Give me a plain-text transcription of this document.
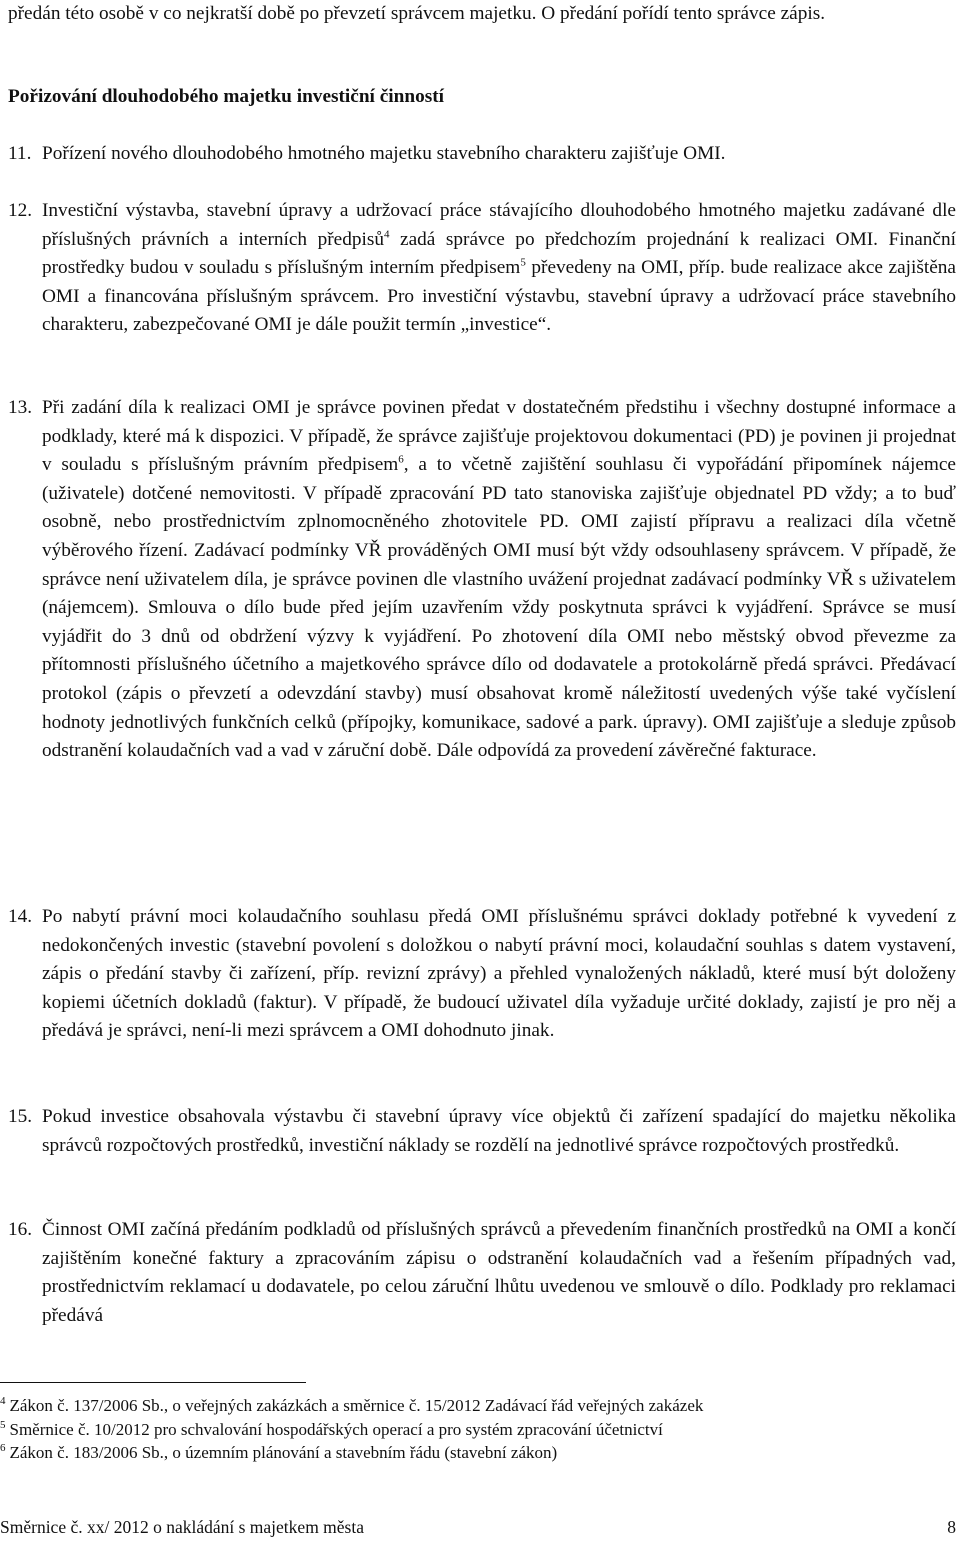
předán této osobě v co nejkratší době po převzetí správcem majetku. O předání pořídí tento správce zápis.
Pořizování dlouhodobého majetku investiční činností
11. Pořízení nového dlouhodobého hmotného majetku stavebního charakteru zajišťuje OMI.
12. Investiční výstavba, stavební úpravy a udržovací práce stávajícího dlouhodobého hmotného majetku zadávané dle příslušných právních a interních předpisů$^4$ zadá správce po předchozím projednání k realizaci OMI. Finanční prostředky budou v souladu s příslušným interním předpisem$^5$ převedeny na OMI, příp. bude realizace akce zajištěna OMI a financována příslušným správcem. Pro investiční výstavbu, stavební úpravy a udržovací práce stavebního charakteru, zabezpečované OMI je dále použit termín „investice“.
13. Při zadání díla k realizaci OMI je správce povinen předat v dostatečném předstihu i všechny dostupné informace a podklady, které má k dispozici. V případě, že správce zajišťuje projektovou dokumentaci (PD) je povinen ji projednat v souladu s příslušným právním předpisem$^6$, a to včetně zajištění souhlasu či vypořádání připomínek nájemce (uživatele) dotčené nemovitosti. V případě zpracování PD tato stanoviska zajišťuje objednatel PD vždy; a to buď osobně, nebo prostřednictvím zplnomocněného zhotovitele PD. OMI zajistí přípravu a realizaci díla včetně výběrového řízení. Zadávací podmínky VŘ prováděných OMI musí být vždy odsouhlaseny správcem. V případě, že správce není uživatelem díla, je správce povinen dle vlastního uvážení projednat zadávací podmínky VŘ s uživatelem (nájemcem). Smlouva o dílo bude před jejím uzavřením vždy poskytnuta správci k vyjádření. Správce se musí vyjádřit do 3 dnů od obdržení výzvy k vyjádření. Po zhotovení díla OMI nebo městský obvod převezme za přítomnosti příslušného účetního a majetkového správce dílo od dodavatele a protokolárně předá správci. Předávací protokol (zápis o převzetí a odevzdání stavby) musí obsahovat kromě náležitostí uvedených výše také vyčíslení hodnoty jednotlivých funkčních celků (přípojky, komunikace, sadové a park. úpravy). OMI zajišťuje a sleduje způsob odstranění kolaudačních vad a vad v záruční době. Dále odpovídá za provedení závěrečné fakturace.
14. Po nabytí právní moci kolaudačního souhlasu předá OMI příslušnému správci doklady potřebné k vyvedení z nedokončených investic (stavební povolení s doložkou o nabytí právní moci, kolaudační souhlas s datem vystavení, zápis o předání stavby či zařízení, příp. revizní zprávy) a přehled vynaložených nákladů, které musí být doloženy kopiemi účetních dokladů (faktur). V případě, že budoucí uživatel díla vyžaduje určité doklady, zajistí je pro něj a předává je správci, není-li mezi správcem a OMI dohodnuto jinak.
15. Pokud investice obsahovala výstavbu či stavební úpravy více objektů či zařízení spadající do majetku několika správců rozpočtových prostředků, investiční náklady se rozdělí na jednotlivé správce rozpočtových prostředků.
16. Činnost OMI začíná předáním podkladů od příslušných správců a převedením finančních prostředků na OMI a končí zajištěním konečné faktury a zpracováním zápisu o odstranění kolaudačních vad a řešením případných vad, prostřednictvím reklamací u dodavatele, po celou záruční lhůtu uvedenou ve smlouvě o dílo. Podklady pro reklamaci předává
$^4$ Zákon č. 137/2006 Sb., o veřejných zakázkách a směrnice č. 15/2012 Zadávací řád veřejných zakázek
$^5$ Směrnice č. 10/2012 pro schvalování hospodářských operací a pro systém zpracování účetnictví
$^6$ Zákon č. 183/2006 Sb., o územním plánování a stavebním řádu (stavební zákon)
Směrnice č. xx/ 2012 o nakládání s majetkem města	8
